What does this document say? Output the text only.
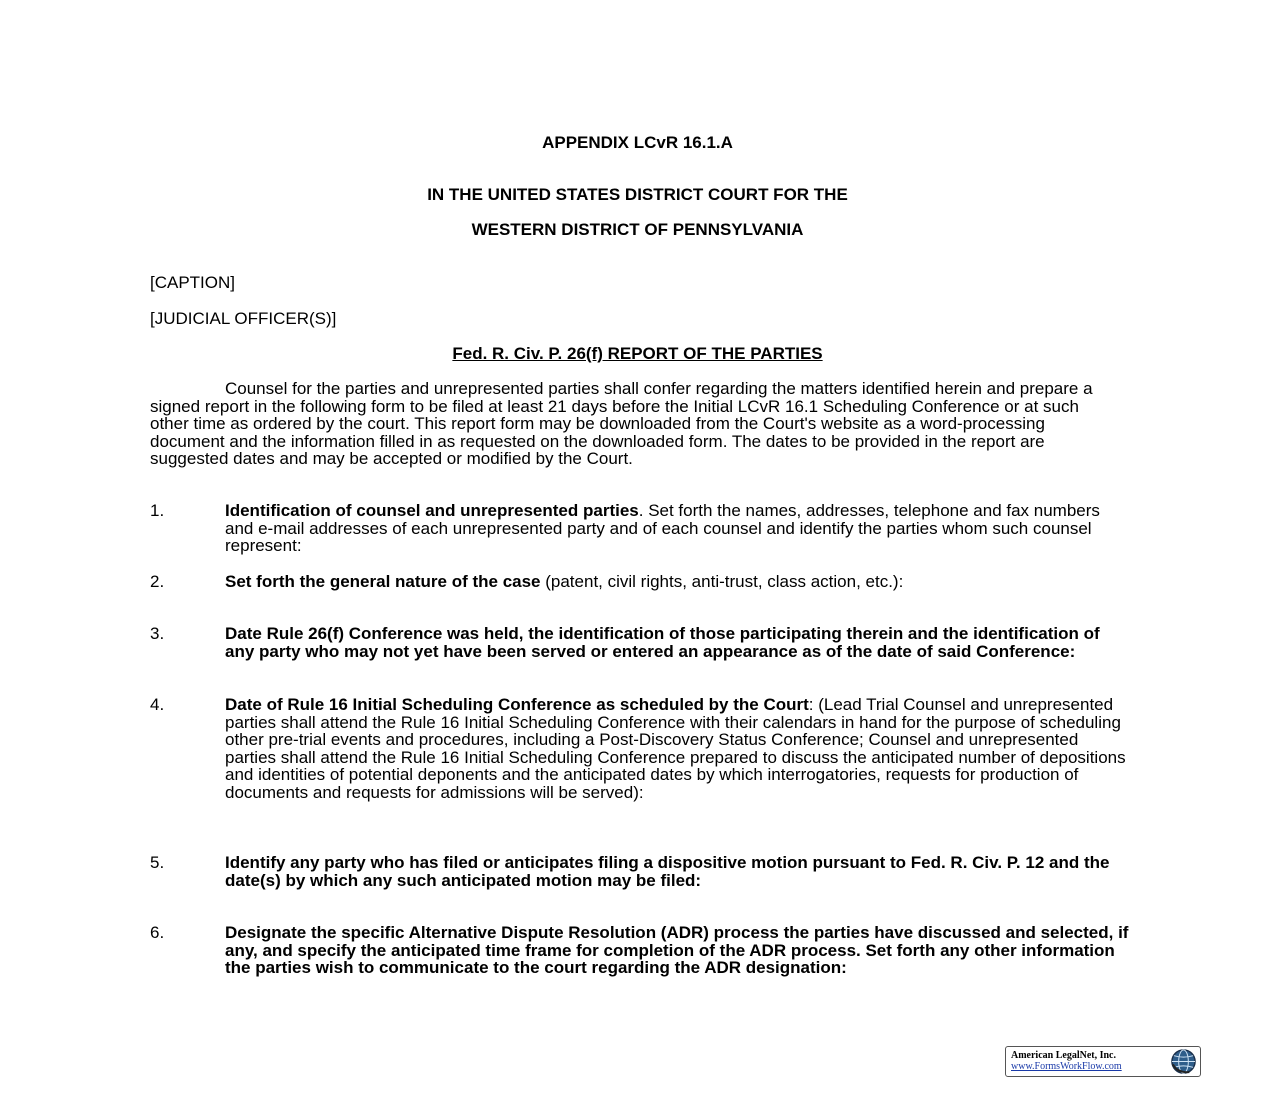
APPENDIX LCvR 16.1.A
IN THE UNITED STATES DISTRICT COURT FOR THE
WESTERN DISTRICT OF PENNSYLVANIA
[CAPTION]
[JUDICIAL OFFICER(S)]
Fed. R. Civ. P. 26(f) REPORT OF THE PARTIES
Counsel for the parties and unrepresented parties shall confer regarding the matters identified herein and prepare a signed report in the following form to be filed at least 21 days before the Initial LCvR 16.1 Scheduling Conference or at such other time as ordered by the court. This report form may be downloaded from the Court's website as a word-processing document and the information filled in as requested on the downloaded form. The dates to be provided in the report are suggested dates and may be accepted or modified by the Court.
1.	Identification of counsel and unrepresented parties. Set forth the names, addresses, telephone and fax numbers and e-mail addresses of each unrepresented party and of each counsel and identify the parties whom such counsel represent:
2.	Set forth the general nature of the case (patent, civil rights, anti-trust, class action, etc.):
3.	Date Rule 26(f) Conference was held, the identification of those participating therein and the identification of any party who may not yet have been served or entered an appearance as of the date of said Conference:
4.	Date of Rule 16 Initial Scheduling Conference as scheduled by the Court: (Lead Trial Counsel and unrepresented parties shall attend the Rule 16 Initial Scheduling Conference with their calendars in hand for the purpose of scheduling other pre-trial events and procedures, including a Post-Discovery Status Conference; Counsel and unrepresented parties shall attend the Rule 16 Initial Scheduling Conference prepared to discuss the anticipated number of depositions and identities of potential deponents and the anticipated dates by which interrogatories, requests for production of documents and requests for admissions will be served):
5.	Identify any party who has filed or anticipates filing a dispositive motion pursuant to Fed. R. Civ. P. 12 and the date(s) by which any such anticipated motion may be filed:
6.	Designate the specific Alternative Dispute Resolution (ADR) process the parties have discussed and selected, if any, and specify the anticipated time frame for completion of the ADR process. Set forth any other information the parties wish to communicate to the court regarding the ADR designation:
American LegalNet, Inc.
www.FormsWorkFlow.com
